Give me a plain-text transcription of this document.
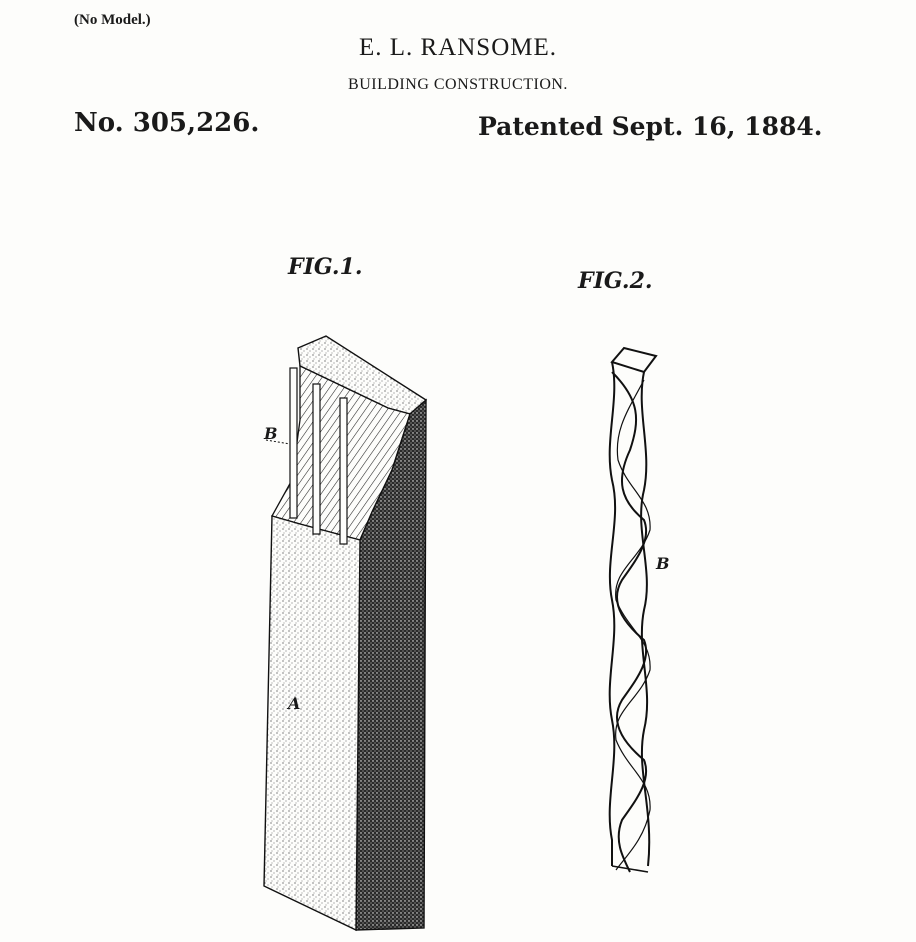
(No Model.)
E. L. RANSOME.
BUILDING CONSTRUCTION.
No. 305,226.	Patented Sept. 16, 1884.
FIG.1.
FIG.2.
A
B
B
